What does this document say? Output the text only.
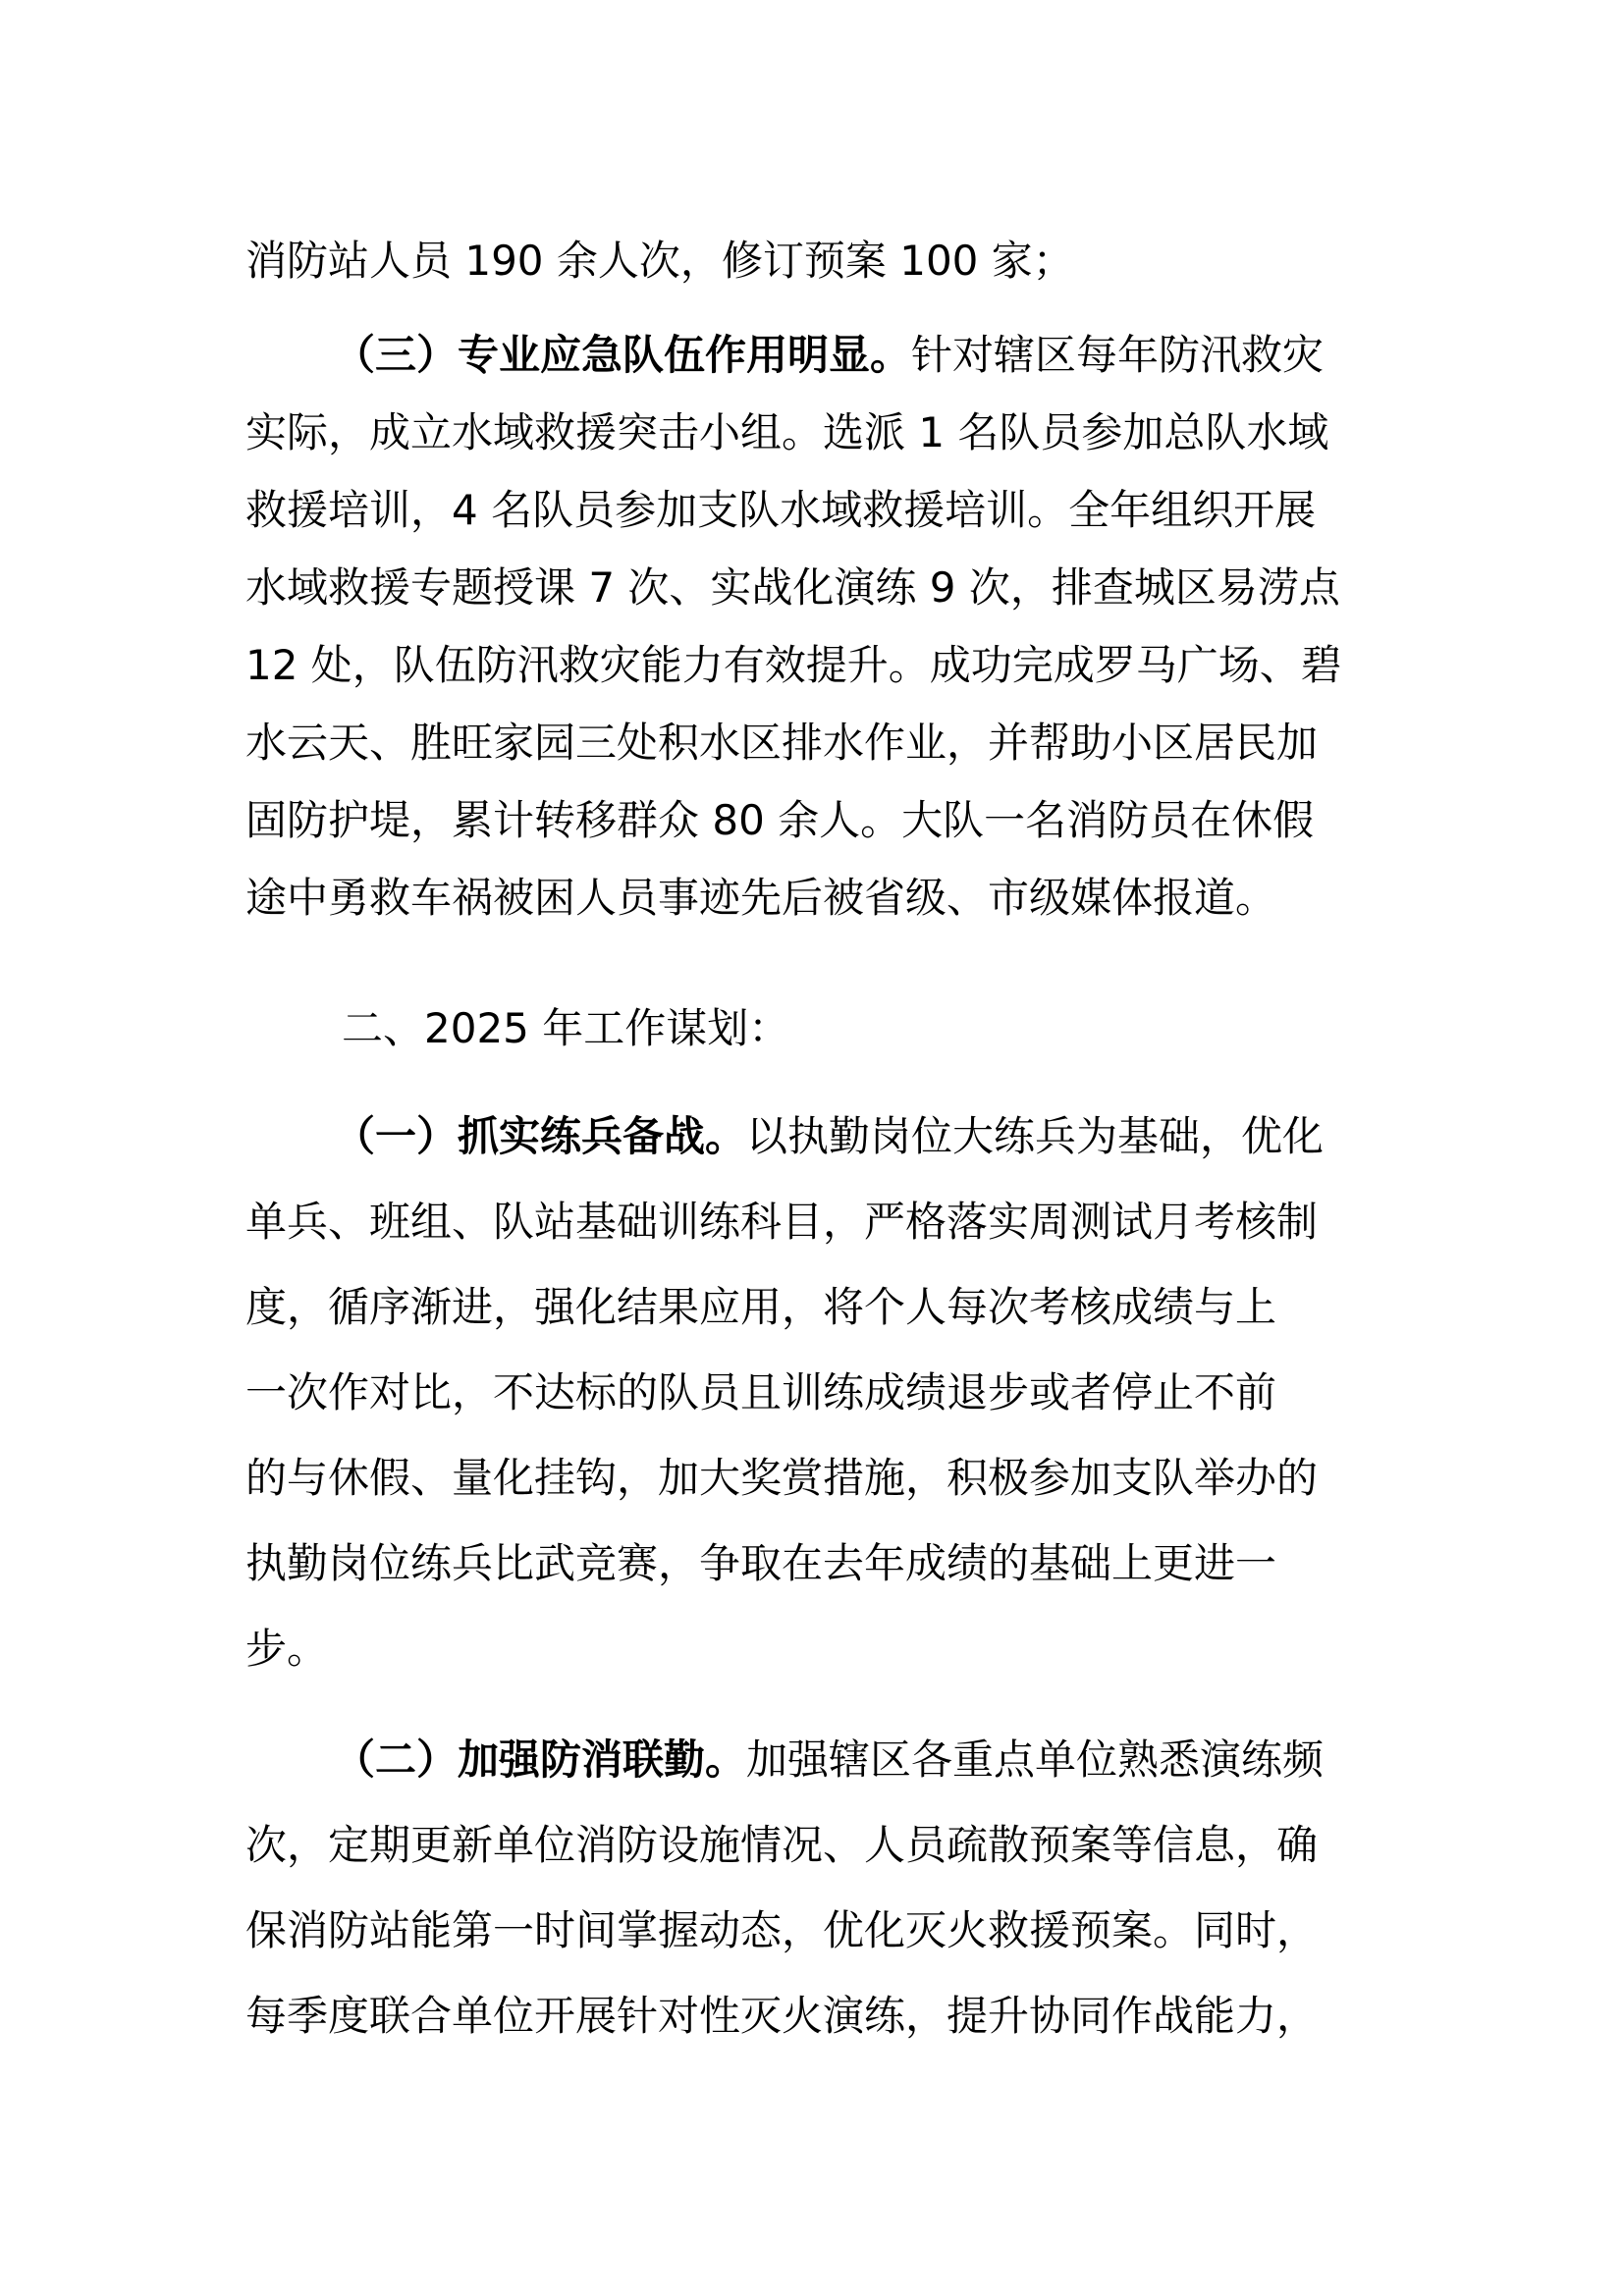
消防站人员 190 余人次，修订预案 100 家；
（三）专业应急队伍作用明显。针对辖区每年防汛救灾
实际，成立水域救援突击小组。选派 1 名队员参加总队水域
救援培训，4 名队员参加支队水域救援培训。全年组织开展
水域救援专题授课 7 次、实战化演练 9 次，排查城区易涝点
12 处，队伍防汛救灾能力有效提升。成功完成罗马广场、碧
水云天、胜旺家园三处积水区排水作业，并帮助小区居民加
固防护堤，累计转移群众 80 余人。大队一名消防员在休假
途中勇救车祸被困人员事迹先后被省级、市级媒体报道。
二、2025 年工作谋划：
（一）抓实练兵备战。以执勤岗位大练兵为基础，优化
单兵、班组、队站基础训练科目，严格落实周测试月考核制
度，循序渐进，强化结果应用，将个人每次考核成绩与上
一次作对比，不达标的队员且训练成绩退步或者停止不前
的与休假、量化挂钩，加大奖赏措施，积极参加支队举办的
执勤岗位练兵比武竞赛，争取在去年成绩的基础上更进一
步。
（二）加强防消联勤。加强辖区各重点单位熟悉演练频
次，定期更新单位消防设施情况、人员疏散预案等信息，确
保消防站能第一时间掌握动态，优化灭火救援预案。同时，
每季度联合单位开展针对性灭火演练，提升协同作战能力，
